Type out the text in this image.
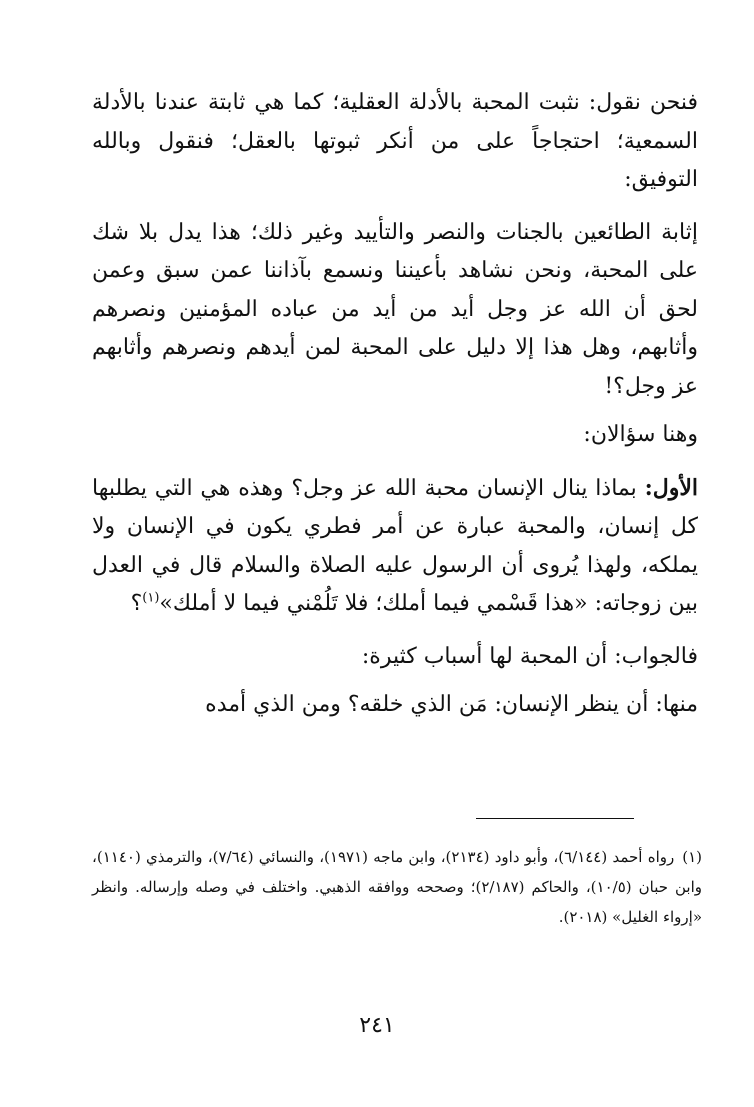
فنحن نقول: نثبت المحبة بالأدلة العقلية؛ كما هي ثابتة عندنا بالأدلة السمعية؛ احتجاجاً على من أنكر ثبوتها بالعقل؛ فنقول وبالله التوفيق:

إثابة الطائعين بالجنات والنصر والتأييد وغير ذلك؛ هذا يدل بلا شك على المحبة، ونحن نشاهد بأعيننا ونسمع بآذاننا عمن سبق وعمن لحق أن الله عز وجل أيد من أيد من عباده المؤمنين ونصرهم وأثابهم، وهل هذا إلا دليل على المحبة لمن أيدهم ونصرهم وأثابهم عز وجل؟!

وهنا سؤالان:

الأول: بماذا ينال الإنسان محبة الله عز وجل؟ وهذه هي التي يطلبها كل إنسان، والمحبة عبارة عن أمر فطري يكون في الإنسان ولا يملكه، ولهذا يُروى أن الرسول عليه الصلاة والسلام قال في العدل بين زوجاته: «هذا قَسْمي فيما أملك؛ فلا تَلُمْني فيما لا أملك»$^{(١)}$؟

فالجواب: أن المحبة لها أسباب كثيرة:

منها: أن ينظر الإنسان: مَن الذي خلقه؟ ومن الذي أمده

(١)رواه أحمد (٦/١٤٤)، وأبو داود (٢١٣٤)، وابن ماجه (١٩٧١)، والنسائي (٧/٦٤)، والترمذي (١١٤٠)، وابن حبان (١٠/٥)، والحاكم (٢/١٨٧)؛ وصححه ووافقه الذهبي. واختلف في وصله وإرساله. وانظر «إرواء الغليل» (٢٠١٨).

٢٤١
